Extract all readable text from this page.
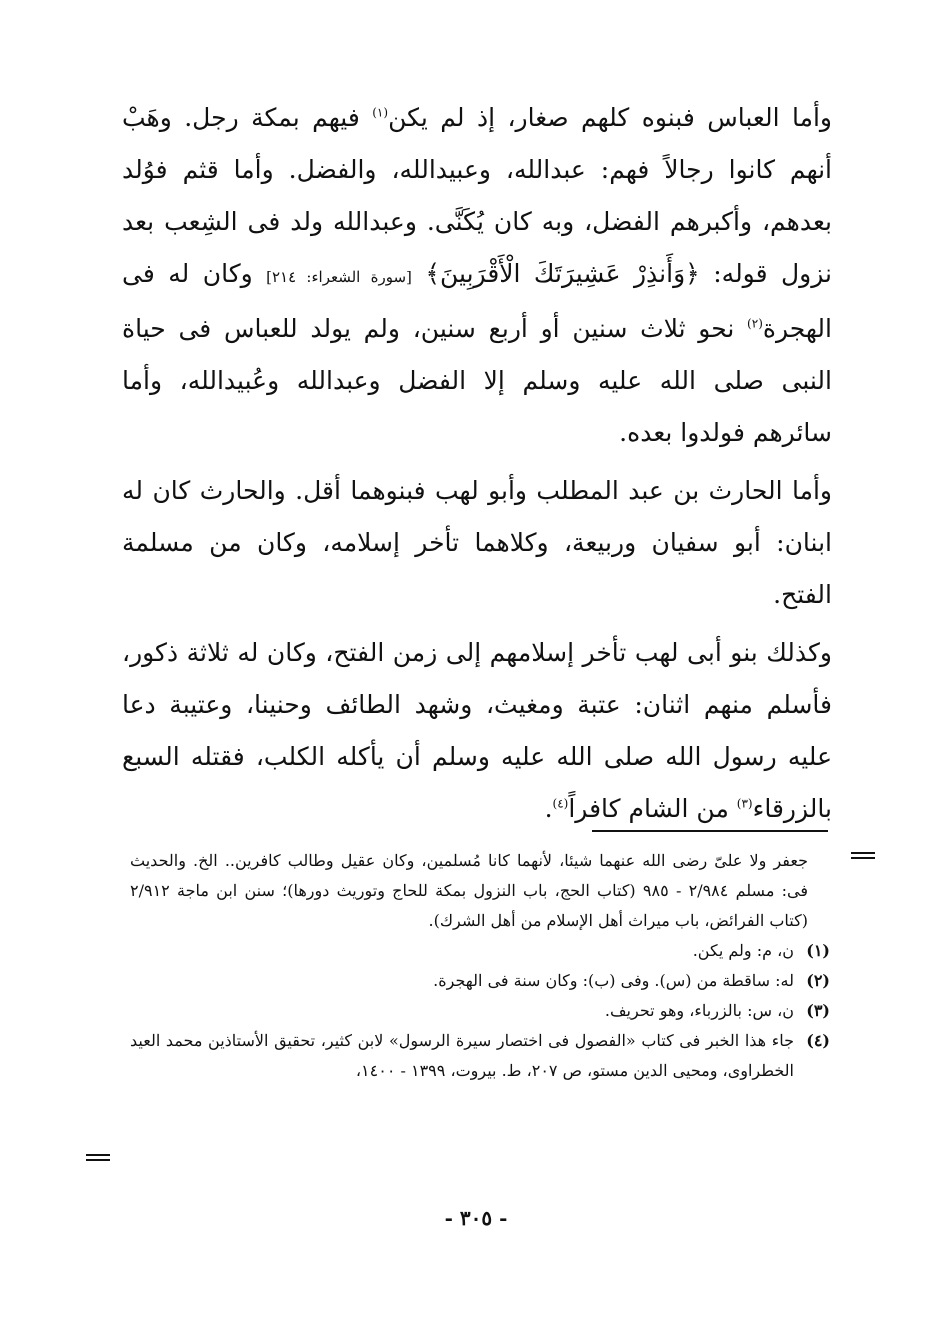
وأما العباس فبنوه كلهم صغار، إذ لم يكن$^{(١)}$ فيهم بمكة رجل. وهَبْ أنهم كانوا رجالاً فهم: عبدالله، وعبيدالله، والفضل. وأما قثم فوُلد بعدهم، وأكبرهم الفضل، وبه كان يُكَنَّى. وعبدالله ولد فى الشِعب بعد نزول قوله: ﴿وَأَنذِرْ عَشِيرَتَكَ الْأَقْرَبِينَ﴾ [سورة الشعراء: ٢١٤] وكان له فى الهجرة$^{(٢)}$ نحو ثلاث سنين أو أربع سنين، ولم يولد للعباس فى حياة النبى صلى الله عليه وسلم إلا الفضل وعبدالله وعُبيدالله، وأما سائرهم فولدوا بعده.

وأما الحارث بن عبد المطلب وأبو لهب فبنوهما أقل. والحارث كان له ابنان: أبو سفيان وربيعة، وكلاهما تأخر إسلامه، وكان من مسلمة الفتح.

وكذلك بنو أبى لهب تأخر إسلامهم إلى زمن الفتح، وكان له ثلاثة ذكور، فأسلم منهم اثنان: عتبة ومغيث، وشهد الطائف وحنينا، وعتيبة دعا عليه رسول الله صلى الله عليه وسلم أن يأكله الكلب، فقتله السبع بالزرقاء$^{(٣)}$ من الشام كافراً$^{(٤)}$.

جعفر ولا علىّ رضى الله عنهما شيئا، لأنهما كانا مُسلمين، وكان عقيل وطالب كافرين.. الخ. والحديث فى: مسلم ٢/٩٨٤ - ٩٨٥ (كتاب الحج، باب النزول بمكة للحاج وتوريث دورها)؛ سنن ابن ماجة ٢/٩١٢ (كتاب الفرائض، باب ميراث أهل الإسلام من أهل الشرك).

(١)
ن، م: ولم يكن.

(٢)
له: ساقطة من (س). وفى (ب): وكان سنة فى الهجرة.

(٣)
ن، س: بالزرباء، وهو تحريف.

(٤)
جاء هذا الخبر فى كتاب «الفصول فى اختصار سيرة الرسول» لابن كثير، تحقيق الأستاذين محمد العيد الخطراوى، ومحيى الدين مستو، ص ٢٠٧، ط. بيروت، ١٣٩٩ - ١٤٠٠،

- ٣٠٥ -
